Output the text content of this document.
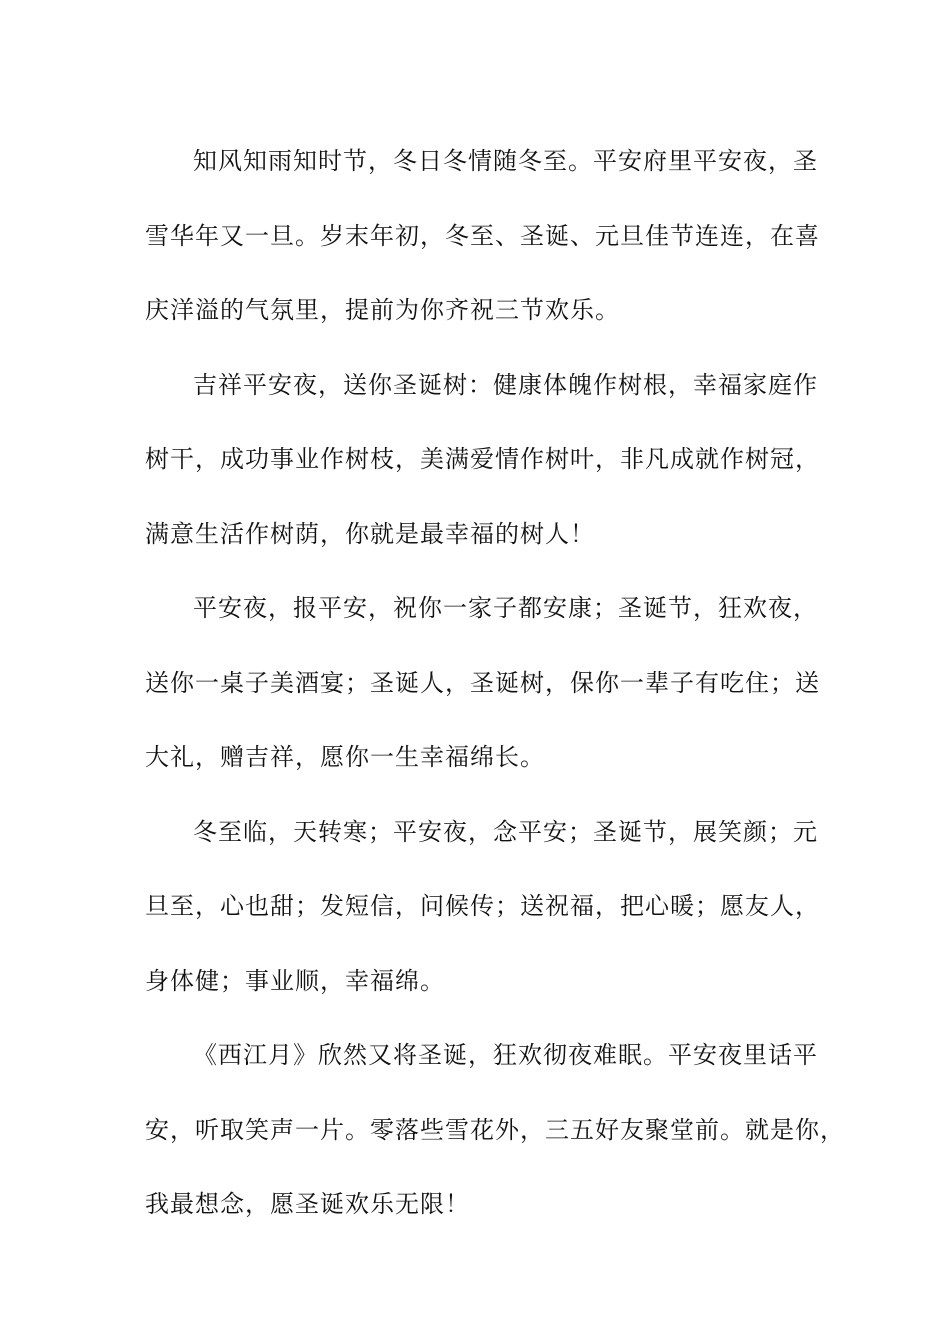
知风知雨知时节，冬日冬情随冬至。平安府里平安夜，圣
雪华年又一旦。岁末年初，冬至、圣诞、元旦佳节连连，在喜
庆洋溢的气氛里，提前为你齐祝三节欢乐。
吉祥平安夜，送你圣诞树：健康体魄作树根，幸福家庭作
树干，成功事业作树枝，美满爱情作树叶，非凡成就作树冠，
满意生活作树荫，你就是最幸福的树人！
平安夜，报平安，祝你一家子都安康；圣诞节，狂欢夜，
送你一桌子美酒宴；圣诞人，圣诞树，保你一辈子有吃住；送
大礼，赠吉祥，愿你一生幸福绵长。
冬至临，天转寒；平安夜，念平安；圣诞节，展笑颜；元
旦至，心也甜；发短信，问候传；送祝福，把心暖；愿友人，
身体健；事业顺，幸福绵。
《西江月》欣然又将圣诞，狂欢彻夜难眠。平安夜里话平
安，听取笑声一片。零落些雪花外，三五好友聚堂前。就是你，
我最想念，愿圣诞欢乐无限！
